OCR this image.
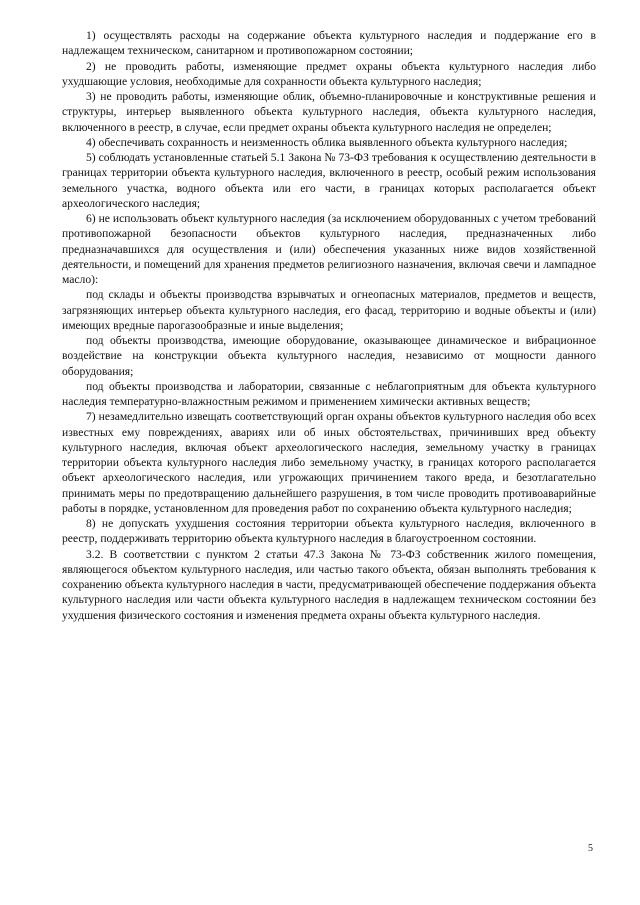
1) осуществлять расходы на содержание объекта культурного наследия и поддержание его в надлежащем техническом, санитарном и противопожарном состоянии;

2) не проводить работы, изменяющие предмет охраны объекта культурного наследия либо ухудшающие условия, необходимые для сохранности объекта культурного наследия;

3) не проводить работы, изменяющие облик, объемно-планировочные и конструктивные решения и структуры, интерьер выявленного объекта культурного наследия, объекта культурного наследия, включенного в реестр, в случае, если предмет охраны объекта культурного наследия не определен;

4) обеспечивать сохранность и неизменность облика выявленного объекта культурного наследия;

5) соблюдать установленные статьей 5.1 Закона № 73-ФЗ требования к осуществлению деятельности в границах территории объекта культурного наследия, включенного в реестр, особый режим использования земельного участка, водного объекта или его части, в границах которых располагается объект археологического наследия;

6) не использовать объект культурного наследия (за исключением оборудованных с учетом требований противопожарной безопасности объектов культурного наследия, предназначенных либо предназначавшихся для осуществления и (или) обеспечения указанных ниже видов хозяйственной деятельности, и помещений для хранения предметов религиозного назначения, включая свечи и лампадное масло):

под склады и объекты производства взрывчатых и огнеопасных материалов, предметов и веществ, загрязняющих интерьер объекта культурного наследия, его фасад, территорию и водные объекты и (или) имеющих вредные парогазообразные и иные выделения;

под объекты производства, имеющие оборудование, оказывающее динамическое и вибрационное воздействие на конструкции объекта культурного наследия, независимо от мощности данного оборудования;

под объекты производства и лаборатории, связанные с неблагоприятным для объекта культурного наследия температурно-влажностным режимом и применением химически активных веществ;

7) незамедлительно извещать соответствующий орган охраны объектов культурного наследия обо всех известных ему повреждениях, авариях или об иных обстоятельствах, причинивших вред объекту культурного наследия, включая объект археологического наследия, земельному участку в границах территории объекта культурного наследия либо земельному участку, в границах которого располагается объект археологического наследия, или угрожающих причинением такого вреда, и безотлагательно принимать меры по предотвращению дальнейшего разрушения, в том числе проводить противоаварийные работы в порядке, установленном для проведения работ по сохранению объекта культурного наследия;

8) не допускать ухудшения состояния территории объекта культурного наследия, включенного в реестр, поддерживать территорию объекта культурного наследия в благоустроенном состоянии.

3.2. В соответствии с пунктом 2 статьи 47.3 Закона № 73-ФЗ собственник жилого помещения, являющегося объектом культурного наследия, или частью такого объекта, обязан выполнять требования к сохранению объекта культурного наследия в части, предусматривающей обеспечение поддержания объекта культурного наследия или части объекта культурного наследия в надлежащем техническом состоянии без ухудшения физического состояния и изменения предмета охраны объекта культурного наследия.

5
